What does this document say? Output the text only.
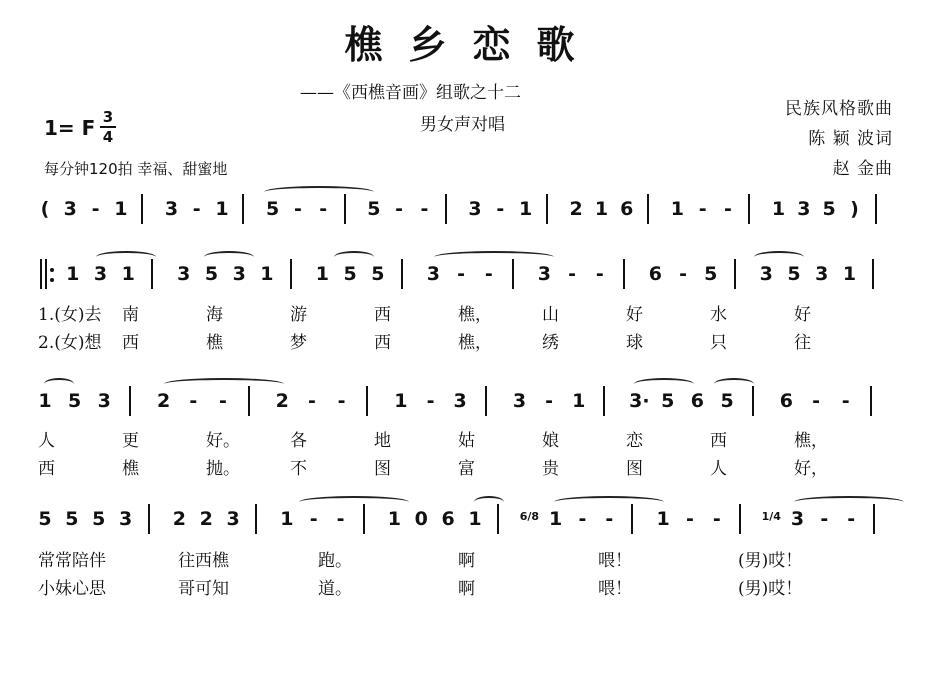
樵乡恋歌
——《西樵音画》组歌之十二
男女声对唱
民族风格歌曲
陈 颖 波词
赵 金曲
1= F 3
4
每分钟120拍 幸福、甜蜜地
( 3 - 1 3 - 1 5 - - 5 - - 3 - 1 2 1 6 1 - - 1 3 5 )
1 3 1 3 5 3 1 1 5 5 3 - - 3 - - 6 - 5 3 5 3 1
1 5 3 2 - -	2 - -	1 - 3 3 - 1 3· 5 6 5 6 - -
5 5 5 3 2 2 3 1 - - 1 0 6 1	6/8 1 - - 1 - -	1/4 3 - -
1.(女)去 南	海	游	西	樵，	山	好	水	好
2.(女)想 西	樵	梦	西	樵，	绣	球	只	往
人	更	好。	各	地	姑	娘	恋	西	樵，
西	樵	抛。	不	图	富	贵	图	人	好，
常常陪伴	往西樵	跑。	啊	喂！	(男)哎！
小妹心思	哥可知	道。	啊	喂！	(男)哎！
